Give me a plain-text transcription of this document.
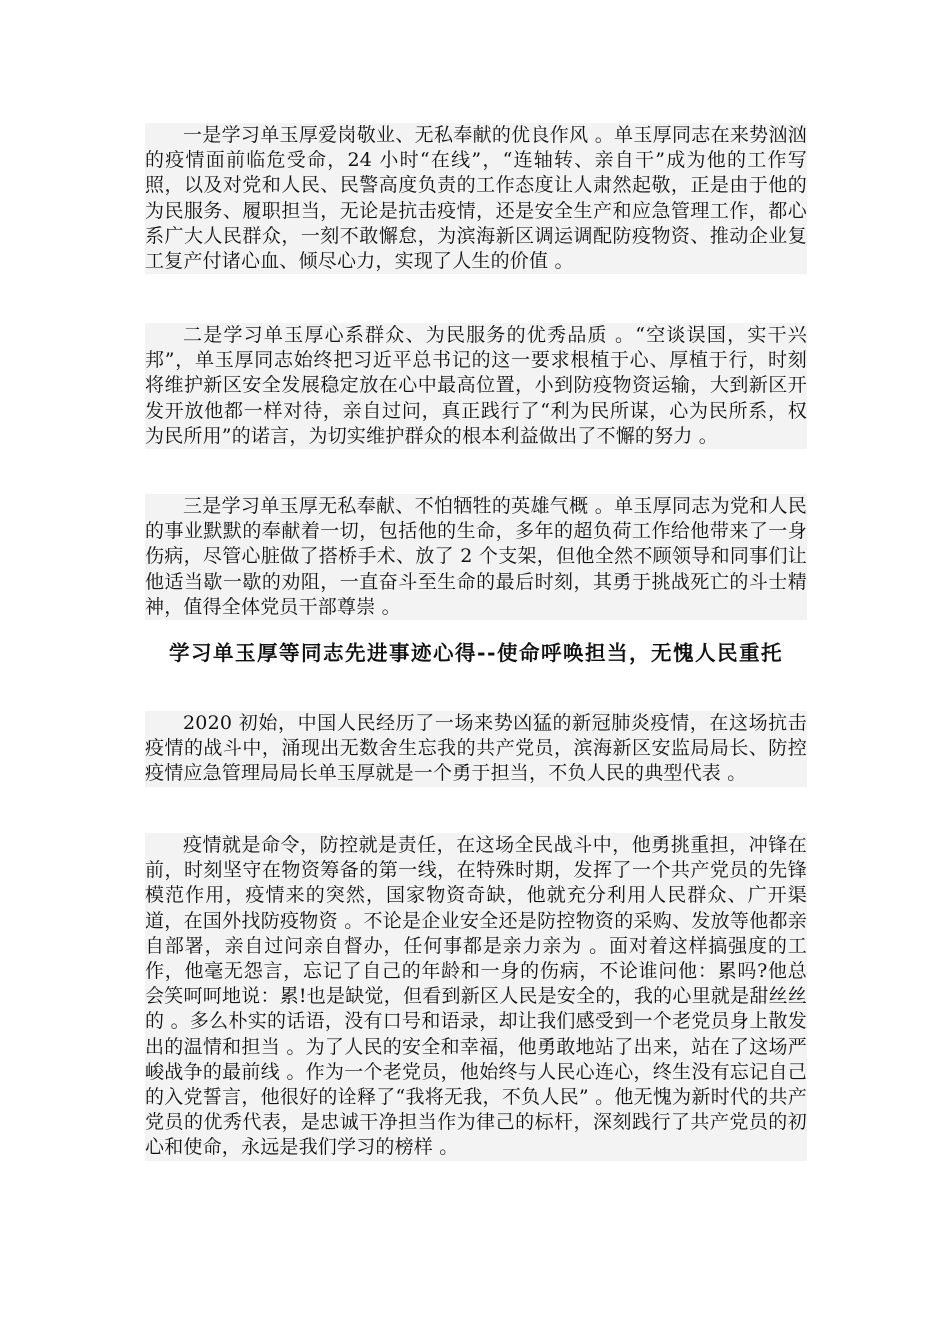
一是学习单玉厚爱岗敬业、无私奉献的优良作风 。单玉厚同志在来势汹汹的疫情面前临危受命，24 小时“在线”，“连轴转、亲自干”成为他的工作写照，以及对党和人民、民警高度负责的工作态度让人肃然起敬，正是由于他的为民服务、履职担当，无论是抗击疫情，还是安全生产和应急管理工作，都心系广大人民群众，一刻不敢懈怠，为滨海新区调运调配防疫物资、推动企业复工复产付诸心血、倾尽心力，实现了人生的价值 。

二是学习单玉厚心系群众、为民服务的优秀品质 。“空谈误国，实干兴邦”，单玉厚同志始终把习近平总书记的这一要求根植于心、厚植于行，时刻将维护新区安全发展稳定放在心中最高位置，小到防疫物资运输，大到新区开发开放他都一样对待，亲自过问，真正践行了“利为民所谋，心为民所系，权为民所用”的诺言，为切实维护群众的根本利益做出了不懈的努力 。

三是学习单玉厚无私奉献、不怕牺牲的英雄气概 。单玉厚同志为党和人民的事业默默的奉献着一切，包括他的生命，多年的超负荷工作给他带来了一身伤病，尽管心脏做了搭桥手术、放了 2 个支架，但他全然不顾领导和同事们让他适当歇一歇的劝阻，一直奋斗至生命的最后时刻，其勇于挑战死亡的斗士精神，值得全体党员干部尊崇 。

学习单玉厚等同志先进事迹心得--使命呼唤担当，无愧人民重托

2020 初始，中国人民经历了一场来势凶猛的新冠肺炎疫情，在这场抗击疫情的战斗中，涌现出无数舍生忘我的共产党员，滨海新区安监局局长、防控疫情应急管理局局长单玉厚就是一个勇于担当，不负人民的典型代表 。

疫情就是命令，防控就是责任，在这场全民战斗中，他勇挑重担，冲锋在前，时刻坚守在物资筹备的第一线，在特殊时期，发挥了一个共产党员的先锋模范作用，疫情来的突然，国家物资奇缺，他就充分利用人民群众、广开渠道，在国外找防疫物资 。不论是企业安全还是防控物资的采购、发放等他都亲自部署，亲自过问亲自督办，任何事都是亲力亲为 。面对着这样搞强度的工作，他毫无怨言，忘记了自己的年龄和一身的伤病，不论谁问他：累吗?他总会笑呵呵地说：累!也是缺觉，但看到新区人民是安全的，我的心里就是甜丝丝的 。多么朴实的话语，没有口号和语录，却让我们感受到一个老党员身上散发出的温情和担当 。为了人民的安全和幸福，他勇敢地站了出来，站在了这场严峻战争的最前线 。作为一个老党员，他始终与人民心连心，终生没有忘记自己的入党誓言，他很好的诠释了“我将无我，不负人民” 。他无愧为新时代的共产党员的优秀代表，是忠诚干净担当作为律己的标杆，深刻践行了共产党员的初心和使命，永远是我们学习的榜样 。
